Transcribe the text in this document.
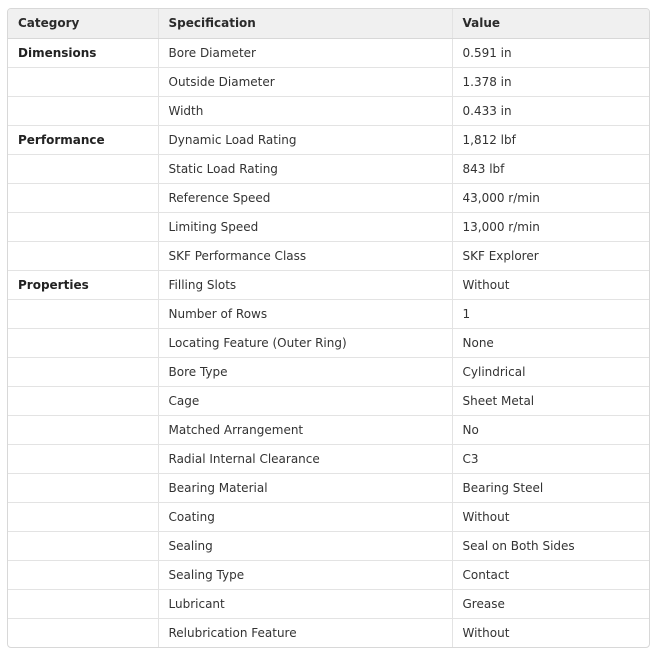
Category	Specification	Value
Dimensions	Bore Diameter	0.591 in
	Outside Diameter	1.378 in
	Width	0.433 in
Performance	Dynamic Load Rating	1,812 lbf
	Static Load Rating	843 lbf
	Reference Speed	43,000 r/min
	Limiting Speed	13,000 r/min
	SKF Performance Class	SKF Explorer
Properties	Filling Slots	Without
	Number of Rows	1
	Locating Feature (Outer Ring)	None
	Bore Type	Cylindrical
	Cage	Sheet Metal
	Matched Arrangement	No
	Radial Internal Clearance	C3
	Bearing Material	Bearing Steel
	Coating	Without
	Sealing	Seal on Both Sides
	Sealing Type	Contact
	Lubricant	Grease
	Relubrication Feature	Without
